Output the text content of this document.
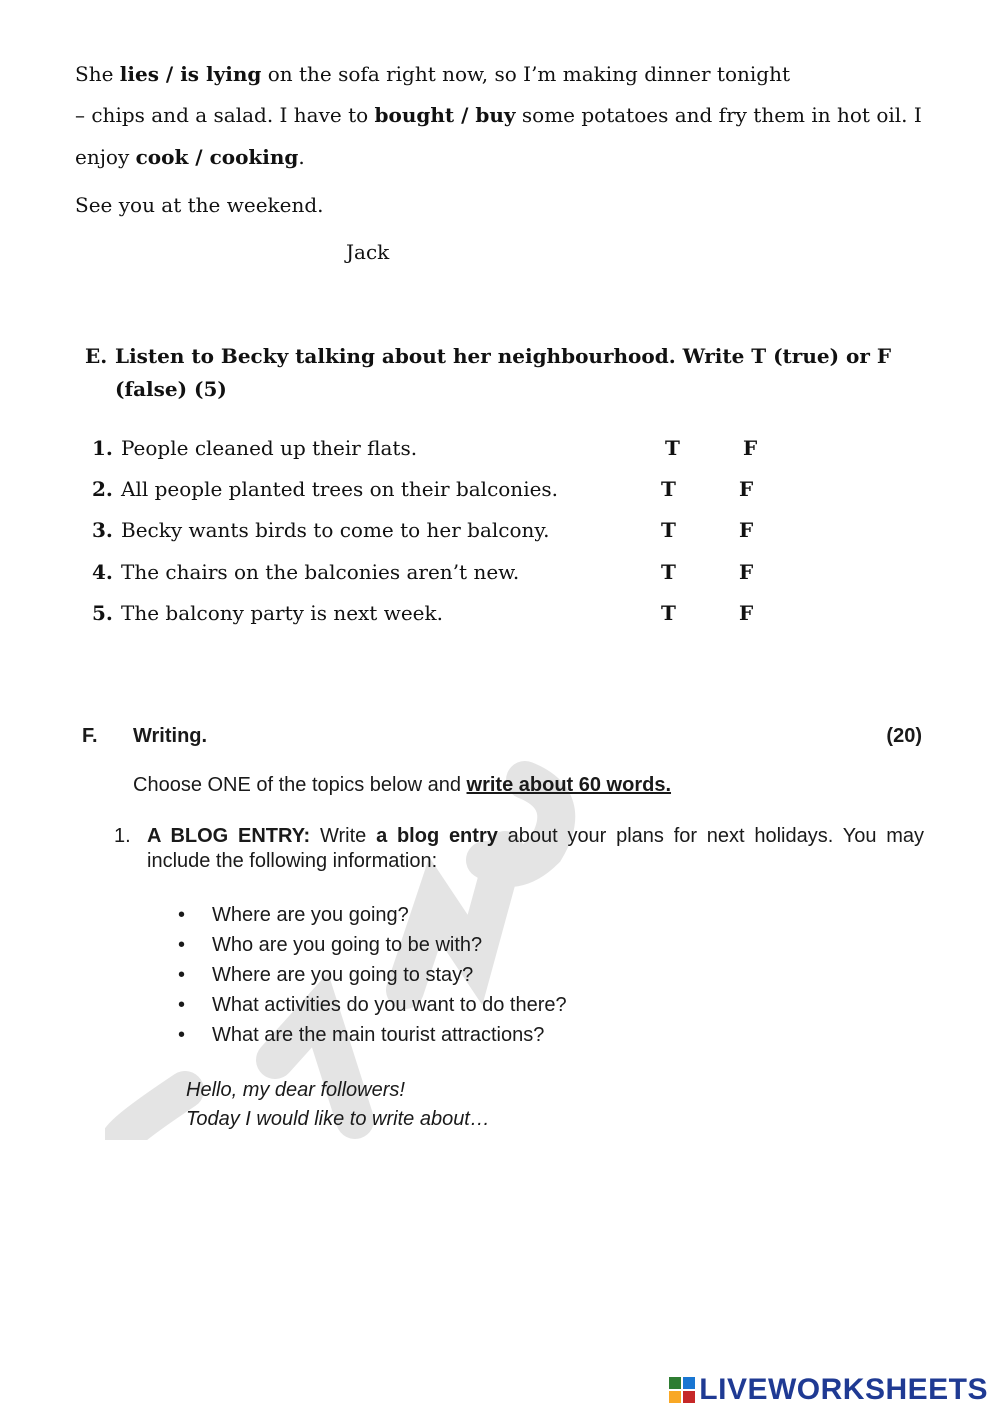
She lies / is lying on the sofa right now, so I’m making dinner tonight
– chips and a salad. I have to bought / buy some potatoes and fry them in hot oil. I
enjoy cook / cooking.
See you at the weekend.
Jack
E. Listen to Becky talking about her neighbourhood. Write T (true) or F (false) (5)
1. People cleaned up their flats.	T	F
2. All people planted trees on their balconies.	T	F
3. Becky wants birds to come to her balcony.	T	F
4. The chairs on the balconies aren’t new.	T	F
5. The balcony party is next week.	T	F
F. Writing.	(20)
Choose ONE of the topics below and write about 60 words.
1. A BLOG ENTRY: Write a blog entry about your plans for next holidays. You may include the following information:
• Where are you going?
• Who are you going to be with?
• Where are you going to stay?
• What activities do you want to do there?
• What are the main tourist attractions?
Hello, my dear followers!
Today I would like to write about…
LIVEWORKSHEETS
